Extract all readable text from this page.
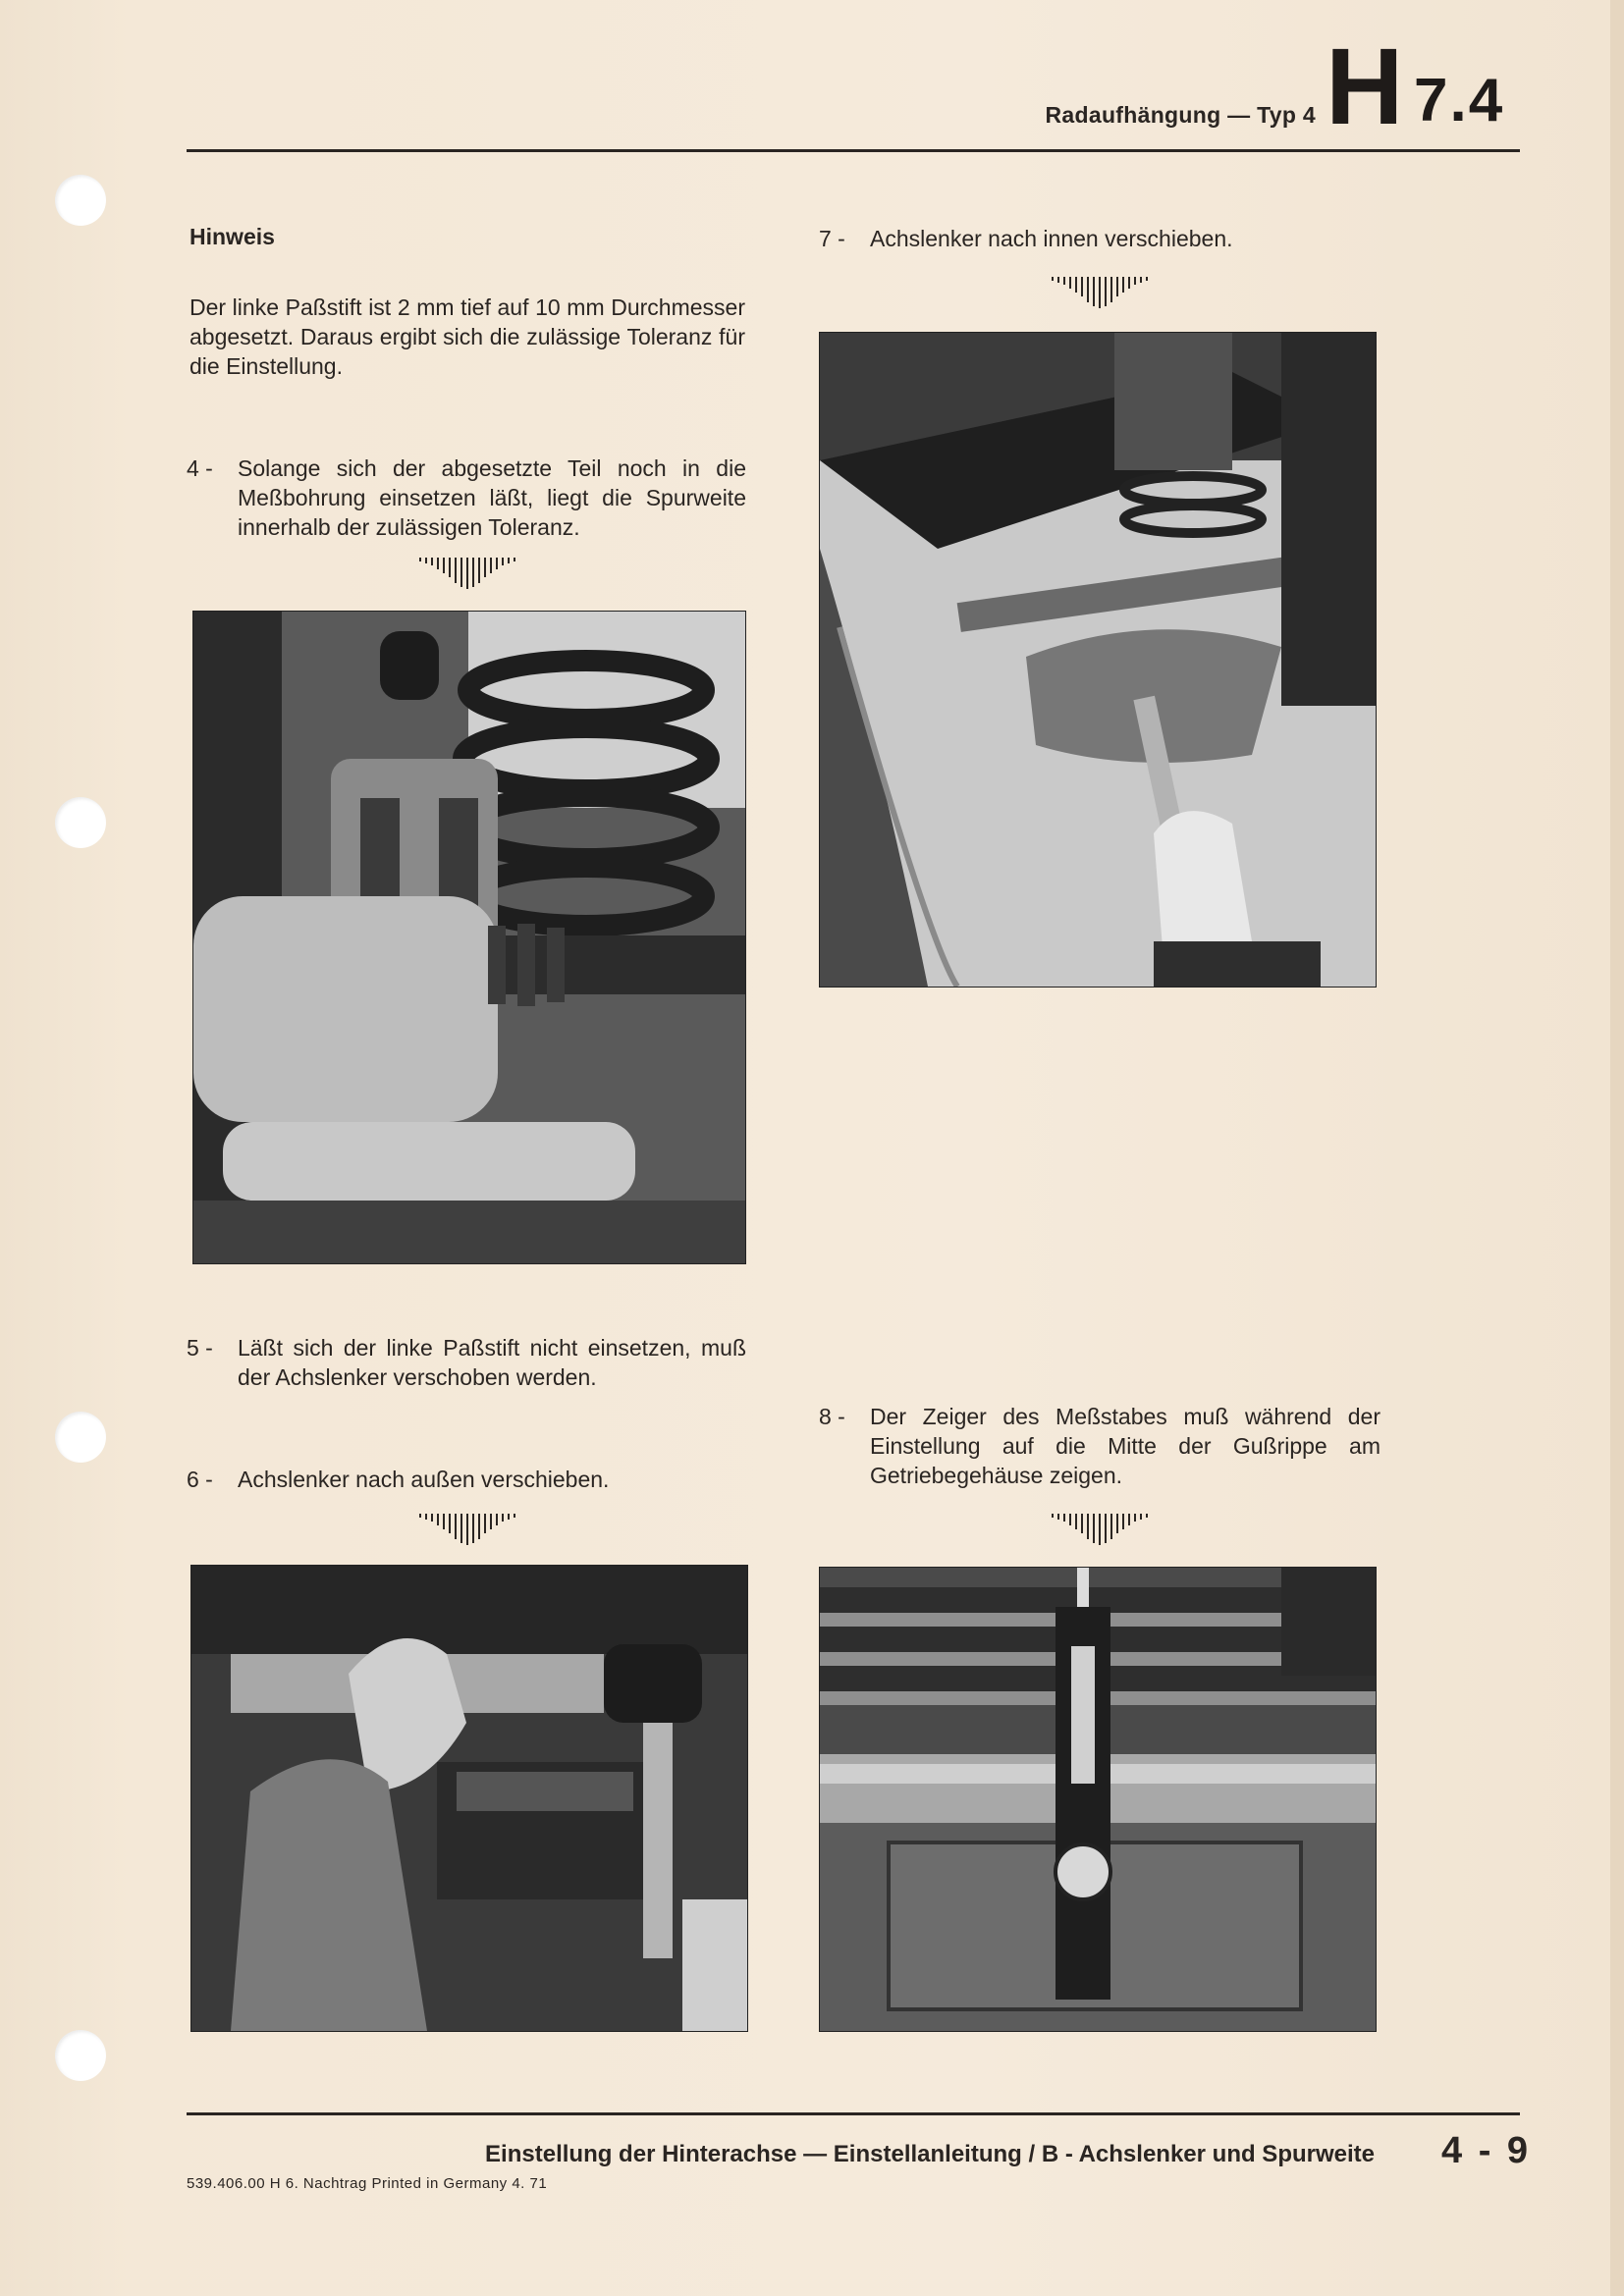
Radaufhängung — Typ 4 H 7.4
Hinweis
Der linke Paßstift ist 2 mm tief auf 10 mm Durchmesser abgesetzt. Daraus ergibt sich die zulässige Toleranz für die Einstellung.
4 - Solange sich der abgesetzte Teil noch in die Meßbohrung einsetzen läßt, liegt die Spurweite innerhalb der zulässigen Toleranz.
5 - Läßt sich der linke Paßstift nicht einsetzen, muß der Achslenker verschoben werden.
6 - Achslenker nach außen verschieben.
7 - Achslenker nach innen verschieben.
8 - Der Zeiger des Meßstabes muß während der Einstellung auf die Mitte der Gußrippe am Getriebegehäuse zeigen.
Einstellung der Hinterachse — Einstellanleitung / B - Achslenker und Spurweite 4 - 9
539.406.00 H 6. Nachtrag Printed in Germany 4. 71
